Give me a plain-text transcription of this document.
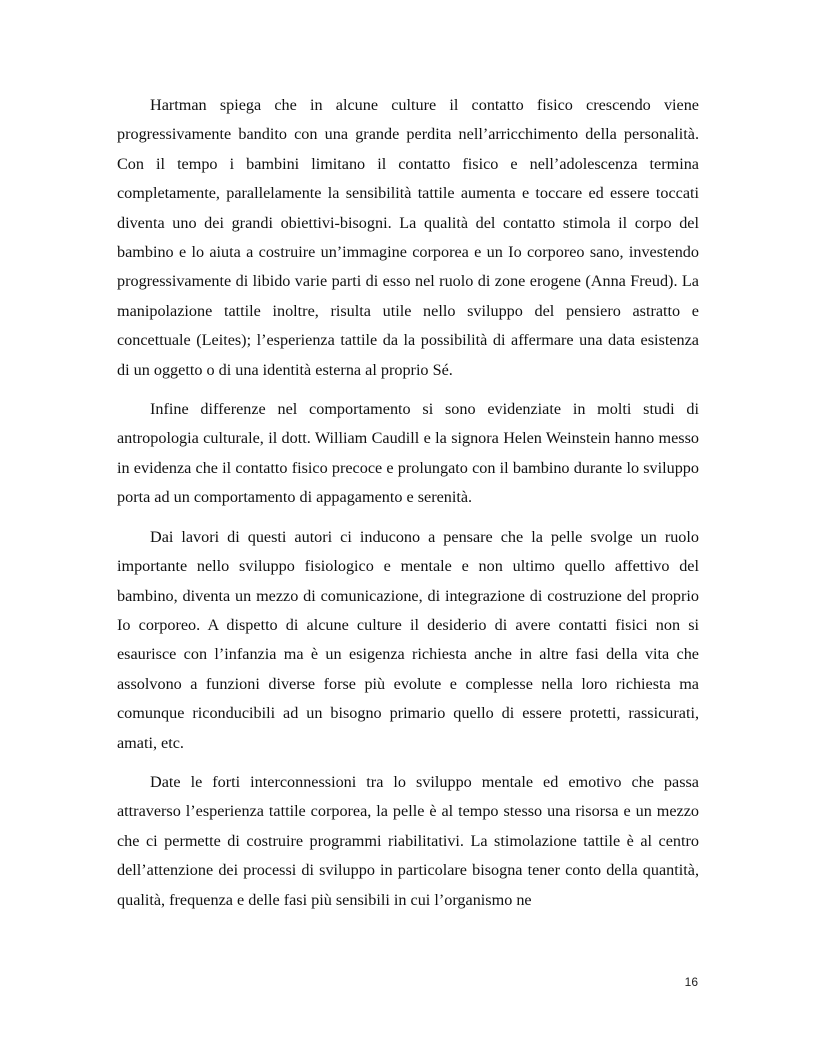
Hartman spiega che in alcune culture il contatto fisico crescendo viene progressivamente bandito con una grande perdita nell’arricchimento della personalità. Con il tempo i bambini limitano il contatto fisico e nell’adolescenza termina completamente, parallelamente la sensibilità tattile aumenta e toccare ed essere toccati diventa uno dei grandi obiettivi-bisogni. La qualità del contatto stimola il corpo del bambino e lo aiuta a costruire un’immagine corporea e un Io corporeo sano, investendo progressivamente di libido varie parti di esso nel ruolo di zone erogene (Anna Freud). La manipolazione tattile inoltre, risulta utile nello sviluppo del pensiero astratto e concettuale (Leites); l’esperienza tattile da la possibilità di affermare una data esistenza di un oggetto o di una identità esterna al proprio Sé.

Infine differenze nel comportamento si sono evidenziate in molti studi di antropologia culturale, il dott. William Caudill e la signora Helen Weinstein hanno messo in evidenza che il contatto fisico precoce e prolungato con il bambino durante lo sviluppo porta ad un comportamento di appagamento e serenità.

Dai lavori di questi autori ci inducono a pensare che la pelle svolge un ruolo importante nello sviluppo fisiologico e mentale e non ultimo quello affettivo del bambino, diventa un mezzo di comunicazione, di integrazione di costruzione del proprio Io corporeo. A dispetto di alcune culture il desiderio di avere contatti fisici non si esaurisce con l’infanzia ma è un esigenza richiesta anche in altre fasi della vita che assolvono a funzioni diverse forse più evolute e complesse nella loro richiesta ma comunque riconducibili ad un bisogno primario quello di essere protetti, rassicurati, amati, etc.

Date le forti interconnessioni tra lo sviluppo mentale ed emotivo che passa attraverso l’esperienza tattile corporea, la pelle è al tempo stesso una risorsa e un mezzo che ci permette di costruire programmi riabilitativi. La stimolazione tattile è al centro dell’attenzione dei processi di sviluppo in particolare bisogna tener conto della quantità, qualità, frequenza e delle fasi più sensibili in cui l’organismo ne

16
